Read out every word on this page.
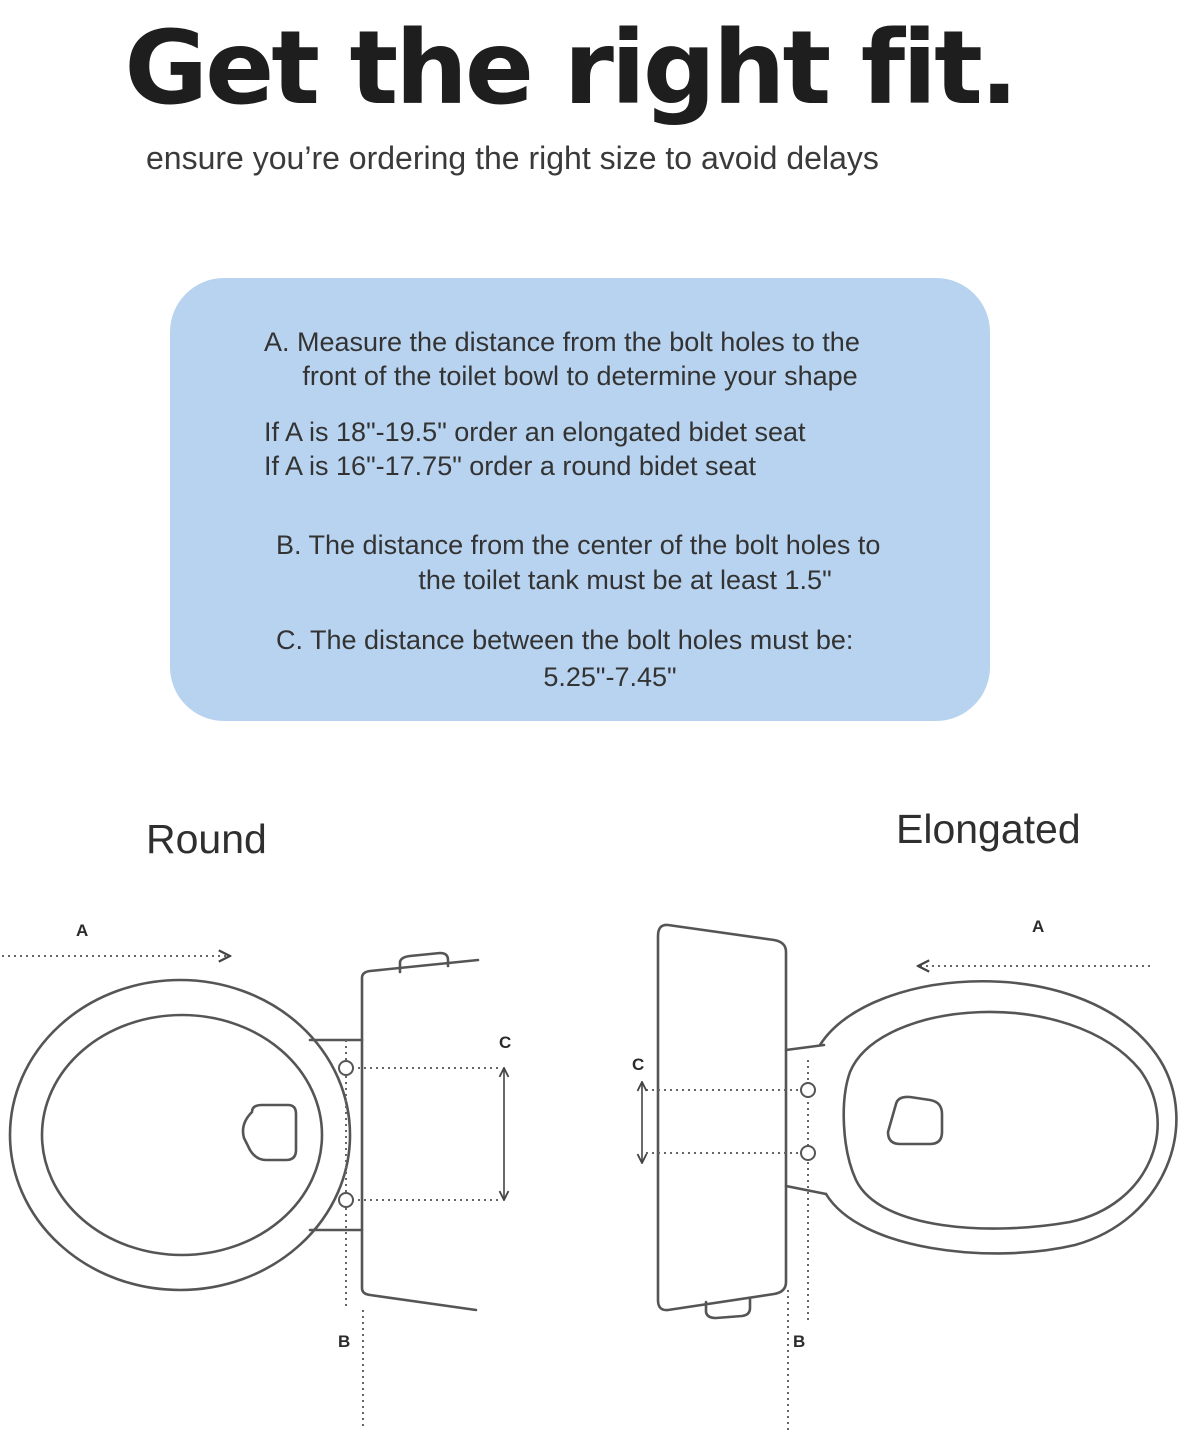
Get the right fit.

ensure you’re ordering the right size to avoid delays

A. Measure the distance from the bolt holes to the
front of the toilet bowl to determine your shape
If A is 18"-19.5" order an elongated bidet seat
If A is 16"-17.75" order a round bidet seat
B. The distance from the center of the bolt holes to
the toilet tank must be at least 1.5"
C. The distance between the bolt holes must be:
5.25"-7.45"
Round	Elongated
A
B
C
A
B
C
